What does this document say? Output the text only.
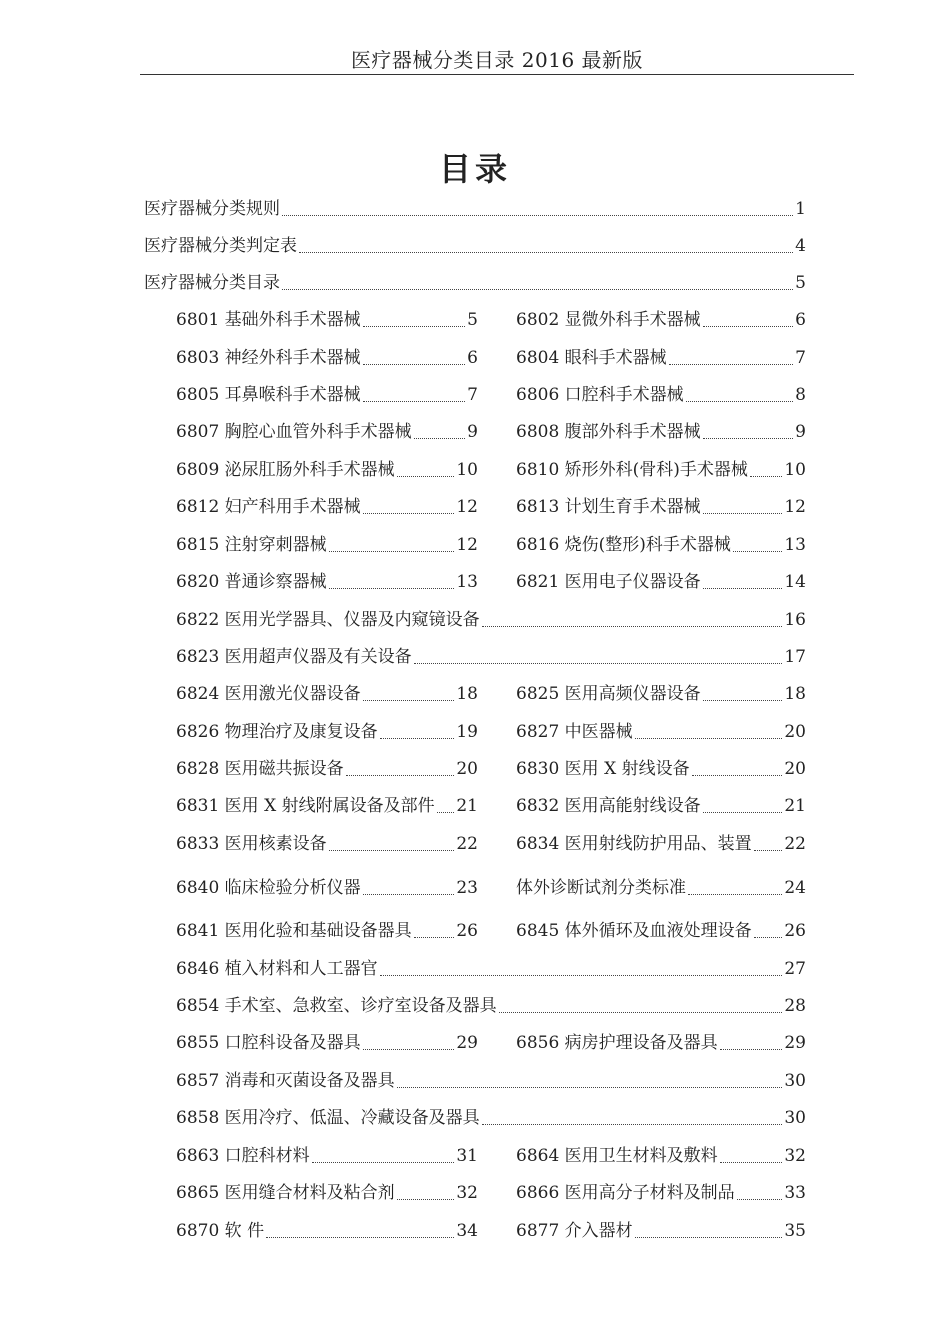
医疗器械分类目录 2016 最新版
目录
医疗器械分类规则	1
医疗器械分类判定表	4
医疗器械分类目录	5
6801 基础外科手术器械	5 6802 显微外科手术器械	6
6803 神经外科手术器械	6 6804 眼科手术器械	7
6805 耳鼻喉科手术器械	7 6806 口腔科手术器械	8
6807 胸腔心血管外科手术器械	9 6808 腹部外科手术器械	9
6809 泌尿肛肠外科手术器械	10 6810 矫形外科(骨科)手术器械 10
6812 妇产科用手术器械	12 6813 计划生育手术器械	12
6815 注射穿刺器械	12 6816 烧伤(整形)科手术器械	13
6820 普通诊察器械	13 6821 医用电子仪器设备	14
6822 医用光学器具、仪器及内窥镜设备	16
6823 医用超声仪器及有关设备	17
6824 医用激光仪器设备	18 6825 医用高频仪器设备	18
6826 物理治疗及康复设备	19 6827 中医器械	20
6828 医用磁共振设备	20 6830 医用 X 射线设备	20
6831 医用 X 射线附属设备及部件 21 6832 医用高能射线设备	21
6833 医用核素设备	22 6834 医用射线防护用品、装置 22
6840 临床检验分析仪器	23 体外诊断试剂分类标准	24
6841 医用化验和基础设备器具	26 6845 体外循环及血液处理设备 26
6846 植入材料和人工器官	27
6854 手术室、急救室、诊疗室设备及器具	28
6855 口腔科设备及器具	29 6856 病房护理设备及器具	29
6857 消毒和灭菌设备及器具	30
6858 医用冷疗、低温、冷藏设备及器具	30
6863 口腔科材料	31 6864 医用卫生材料及敷料	32
6865 医用缝合材料及粘合剂	32 6866 医用高分子材料及制品	33
6870 软 件	34 6877 介入器材	35
